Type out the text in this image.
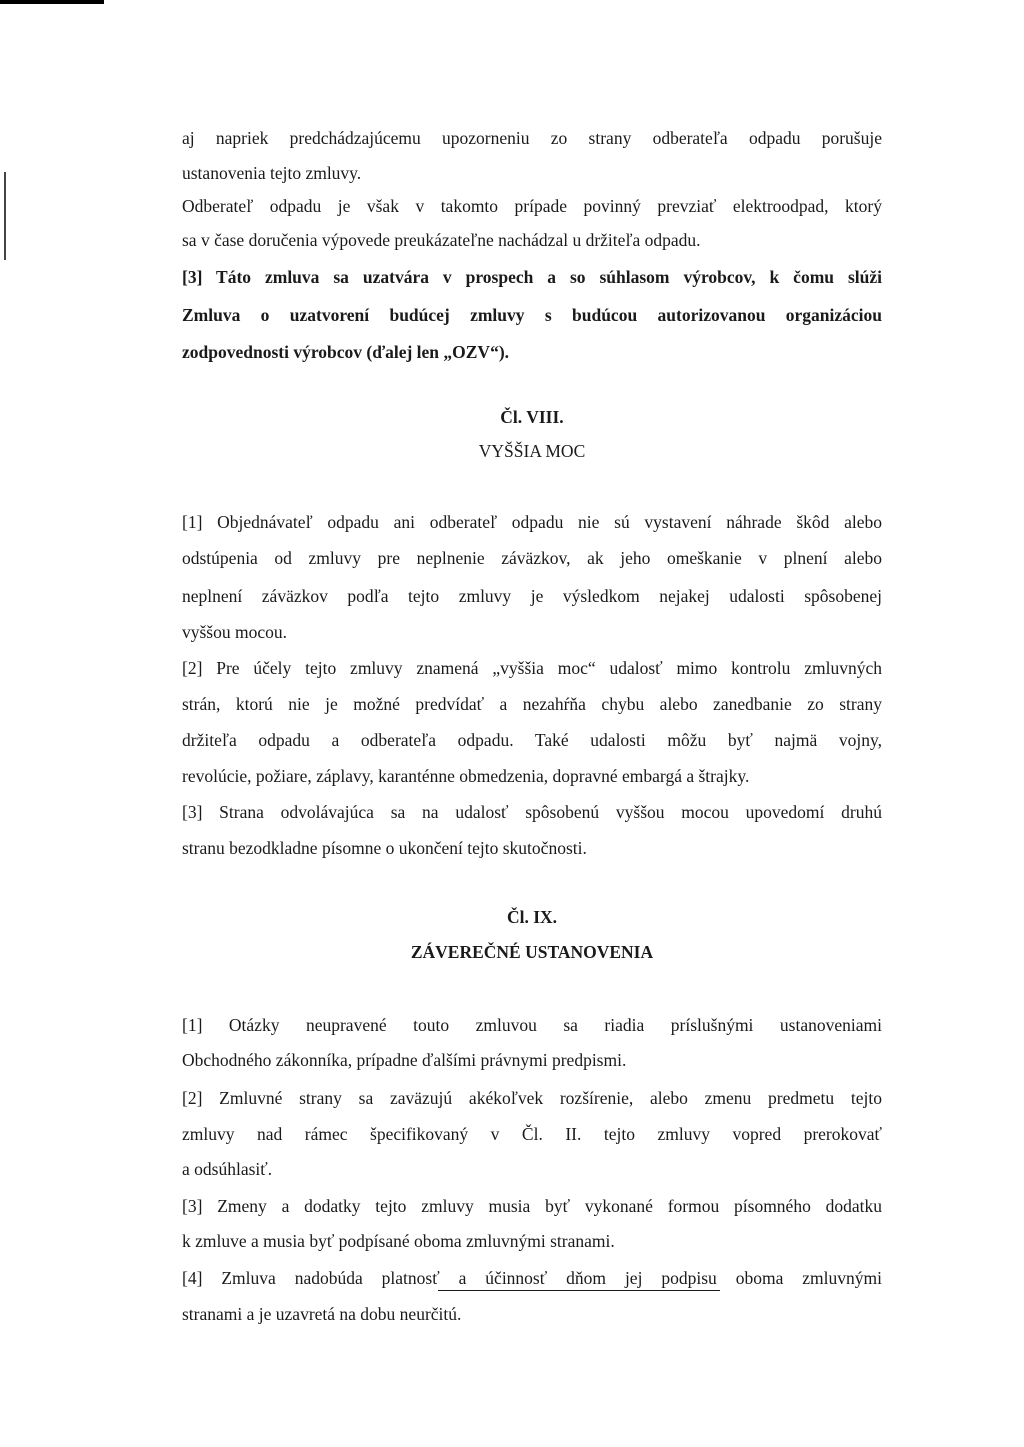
aj napriek predchádzajúcemu upozorneniu zo strany odberateľa odpadu porušuje
ustanovenia tejto zmluvy.
Odberateľ odpadu je však v takomto prípade povinný prevziať elektroodpad, ktorý
sa v čase doručenia výpovede preukázateľne nachádzal u držiteľa odpadu.
[3] Táto zmluva sa uzatvára v prospech a so súhlasom výrobcov, k čomu slúži
Zmluva o uzatvorení budúcej zmluvy s budúcou autorizovanou organizáciou
zodpovednosti výrobcov (ďalej len „OZV“).
[1] Objednávateľ odpadu ani odberateľ odpadu nie sú vystavení náhrade škôd alebo
odstúpenia od zmluvy pre neplnenie záväzkov, ak jeho omeškanie v plnení alebo
neplnení záväzkov podľa tejto zmluvy je výsledkom nejakej udalosti spôsobenej
vyššou mocou.
[2] Pre účely tejto zmluvy znamená „vyššia moc“ udalosť mimo kontrolu zmluvných
strán, ktorú nie je možné predvídať a nezahŕňa chybu alebo zanedbanie zo strany
držiteľa odpadu a odberateľa odpadu. Také udalosti môžu byť najmä vojny,
revolúcie, požiare, záplavy, karanténne obmedzenia, dopravné embargá a štrajky.
[3] Strana odvolávajúca sa na udalosť spôsobenú vyššou mocou upovedomí druhú
stranu bezodkladne písomne o ukončení tejto skutočnosti.
[1] Otázky neupravené touto zmluvou sa riadia príslušnými ustanoveniami
Obchodného zákonníka, prípadne ďalšími právnymi predpismi.
[2] Zmluvné strany sa zaväzujú akékoľvek rozšírenie, alebo zmenu predmetu tejto
zmluvy nad rámec špecifikovaný v Čl. II. tejto zmluvy vopred prerokovať
a odsúhlasiť.
[3] Zmeny a dodatky tejto zmluvy musia byť vykonané formou písomného dodatku
k zmluve a musia byť podpísané oboma zmluvnými stranami.
[4] Zmluva nadobúda platnosť a účinnosť dňom jej podpisu oboma zmluvnými
stranami a je uzavretá na dobu neurčitú.
Čl. VIII.
VYŠŠIA MOC
Čl. IX.
ZÁVEREČNÉ USTANOVENIA
